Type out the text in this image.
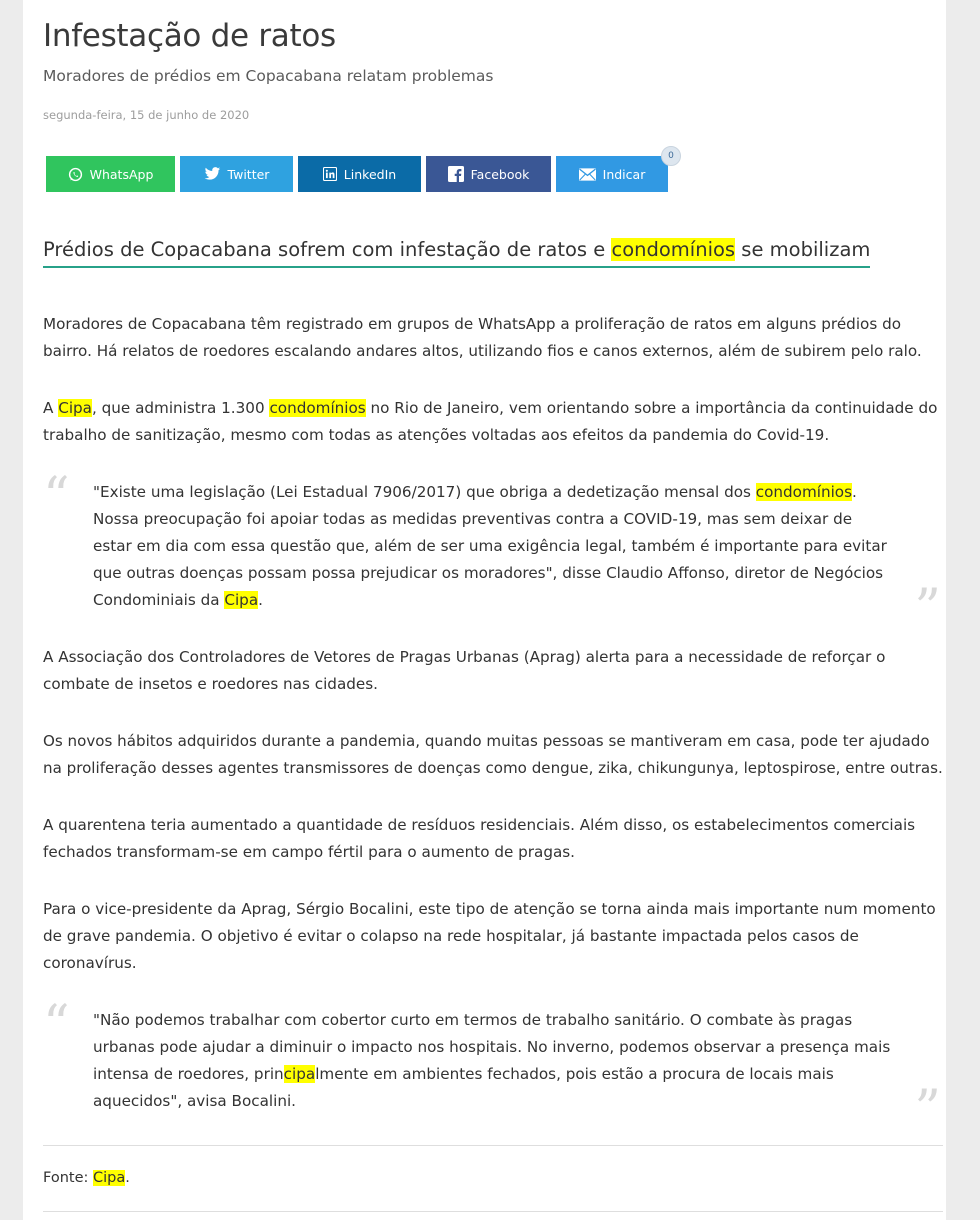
Infestação de ratos

Moradores de prédios em Copacabana relatam problemas

segunda-feira, 15 de junho de 2020
WhatsApp	Twitter	LinkedIn	Facebook	Indicar
0
Prédios de Copacabana sofrem com infestação de ratos e condomínios se mobilizam

Moradores de Copacabana têm registrado em grupos de WhatsApp a proliferação de ratos em alguns prédios do bairro. Há relatos de roedores escalando andares altos, utilizando fios e canos externos, além de subirem pelo ralo.

A Cipa, que administra 1.300 condomínios no Rio de Janeiro, vem orientando sobre a importância da continuidade do trabalho de sanitização, mesmo com todas as atenções voltadas aos efeitos da pandemia do Covid-19.

“ "Existe uma legislação (Lei Estadual 7906/2017) que obriga a dedetização mensal dos condomínios. Nossa preocupação foi apoiar todas as medidas preventivas contra a COVID-19, mas sem deixar de estar em dia com essa questão que, além de ser uma exigência legal, também é importante para evitar que outras doenças possam possa prejudicar os moradores", disse Claudio Affonso, diretor de Negócios Condominiais da Cipa.	”

A Associação dos Controladores de Vetores de Pragas Urbanas (Aprag) alerta para a necessidade de reforçar o combate de insetos e roedores nas cidades.

Os novos hábitos adquiridos durante a pandemia, quando muitas pessoas se mantiveram em casa, pode ter ajudado na proliferação desses agentes transmissores de doenças como dengue, zika, chikungunya, leptospirose, entre outras.

A quarentena teria aumentado a quantidade de resíduos residenciais. Além disso, os estabelecimentos comerciais fechados transformam-se em campo fértil para o aumento de pragas.

Para o vice-presidente da Aprag, Sérgio Bocalini, este tipo de atenção se torna ainda mais importante num momento de grave pandemia. O objetivo é evitar o colapso na rede hospitalar, já bastante impactada pelos casos de coronavírus.

“ "Não podemos trabalhar com cobertor curto em termos de trabalho sanitário. O combate às pragas urbanas pode ajudar a diminuir o impacto nos hospitais. No inverno, podemos observar a presença mais intensa de roedores, principalmente em ambientes fechados, pois estão a procura de locais mais aquecidos", avisa Bocalini.	”
Fonte: Cipa.
